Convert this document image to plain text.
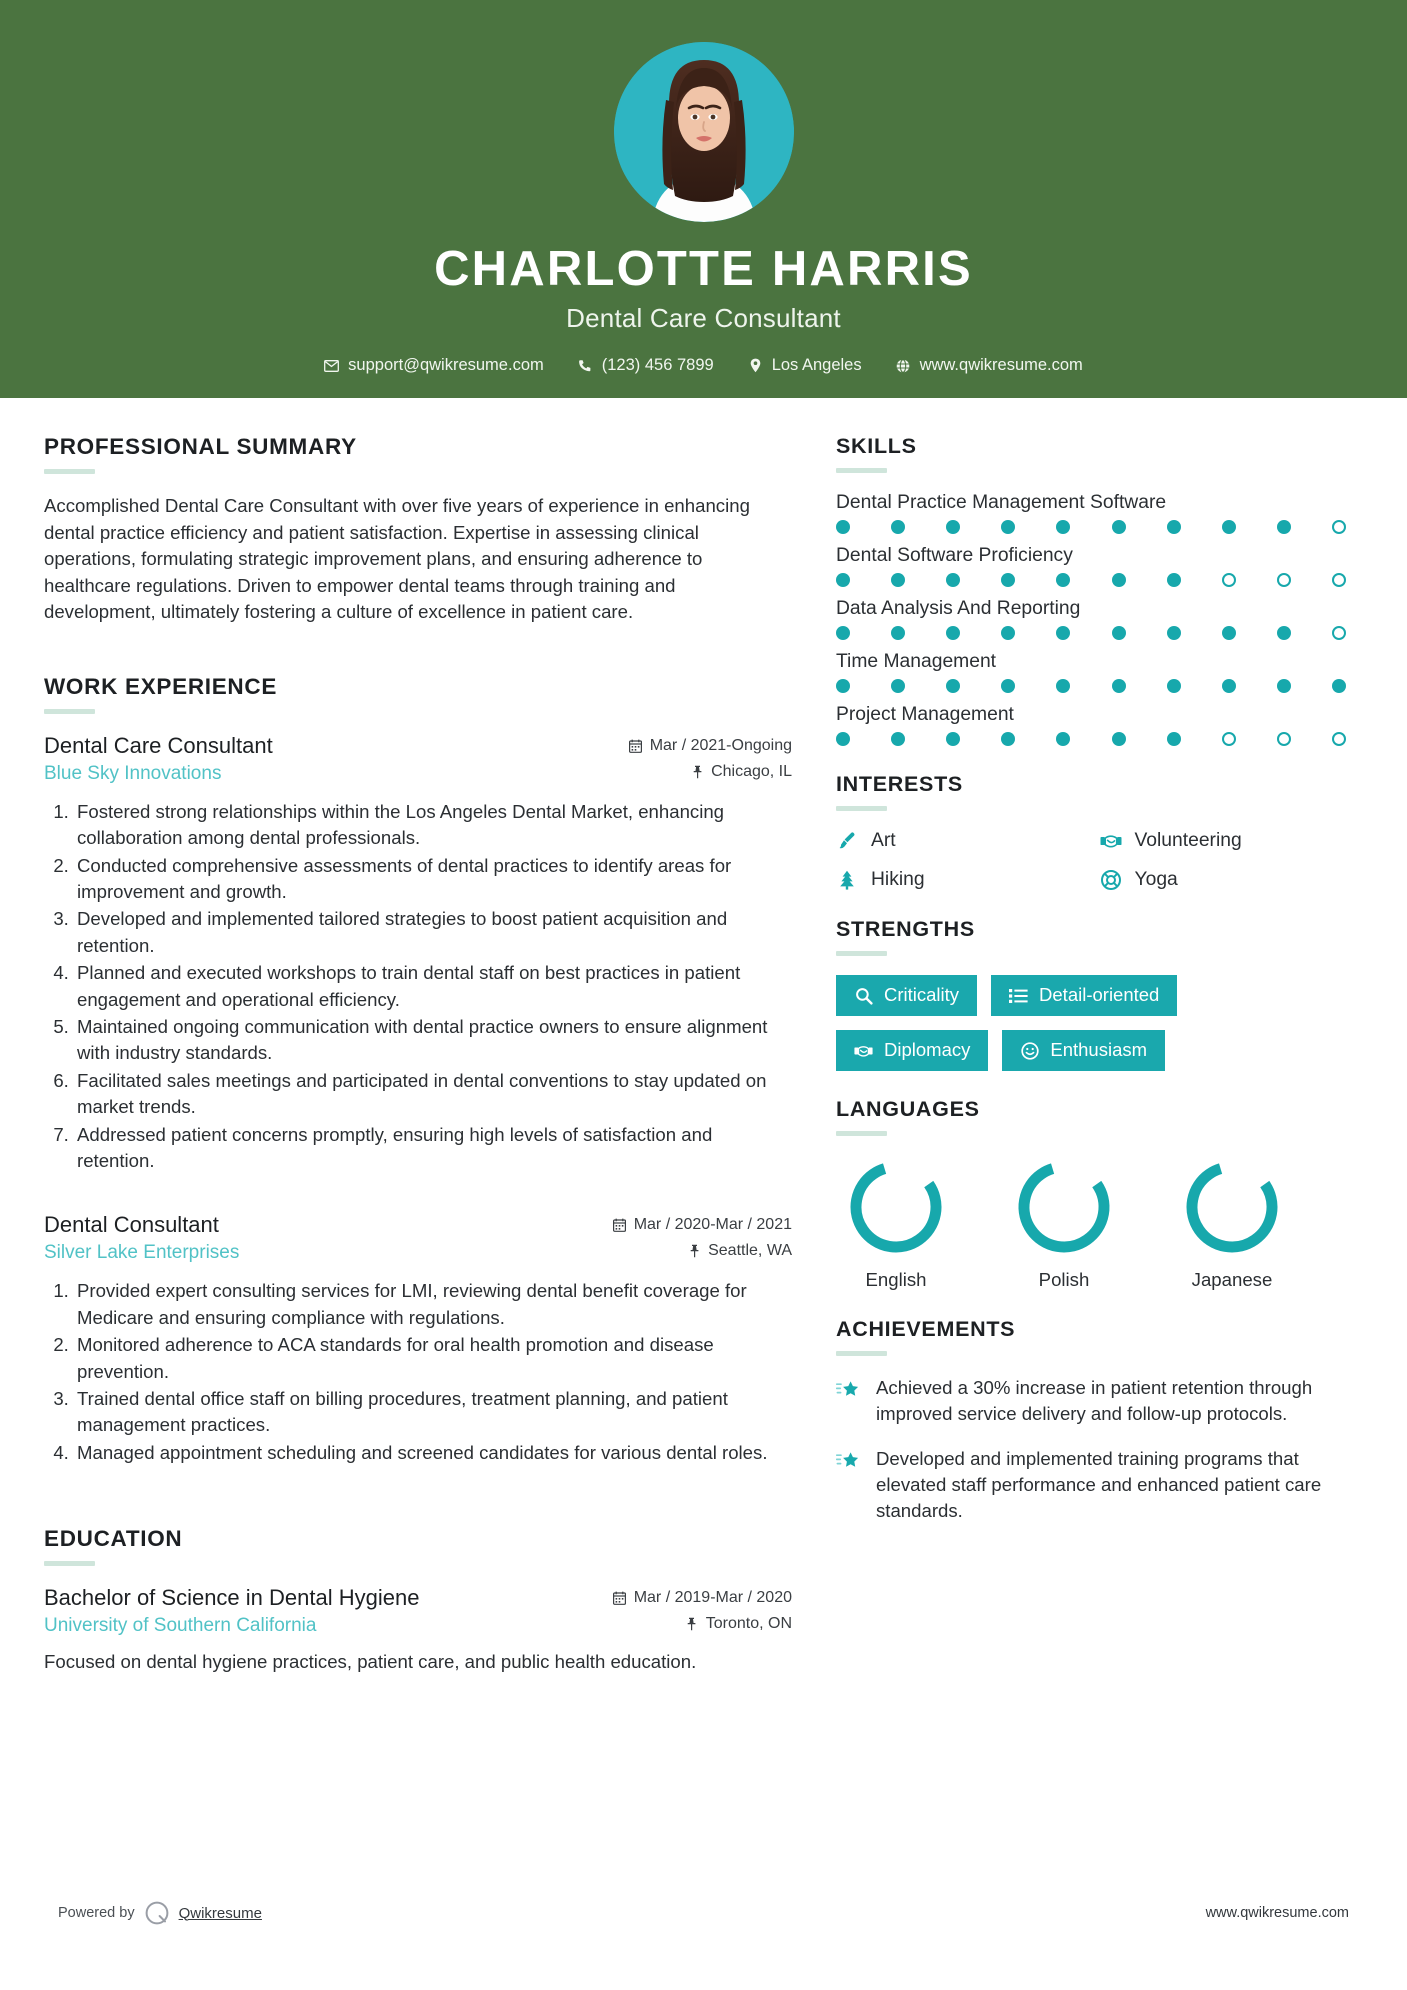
CHARLOTTE HARRIS
Dental Care Consultant
support@qwikresume.com	(123) 456 7899	Los Angeles	www.qwikresume.com
PROFESSIONAL SUMMARY
Accomplished Dental Care Consultant with over five years of experience in enhancing dental practice efficiency and patient satisfaction. Expertise in assessing clinical operations, formulating strategic improvement plans, and ensuring adherence to healthcare regulations. Driven to empower dental teams through training and development, ultimately fostering a culture of excellence in patient care.
WORK EXPERIENCE
Dental Care Consultant	Mar / 2021-Ongoing
Blue Sky Innovations	Chicago, IL
1. Fostered strong relationships within the Los Angeles Dental Market, enhancing collaboration among dental professionals.
2. Conducted comprehensive assessments of dental practices to identify areas for improvement and growth.
3. Developed and implemented tailored strategies to boost patient acquisition and retention.
4. Planned and executed workshops to train dental staff on best practices in patient engagement and operational efficiency.
5. Maintained ongoing communication with dental practice owners to ensure alignment with industry standards.
6. Facilitated sales meetings and participated in dental conventions to stay updated on market trends.
7. Addressed patient concerns promptly, ensuring high levels of satisfaction and retention.
Dental Consultant	Mar / 2020-Mar / 2021
Silver Lake Enterprises	Seattle, WA
1. Provided expert consulting services for LMI, reviewing dental benefit coverage for Medicare and ensuring compliance with regulations.
2. Monitored adherence to ACA standards for oral health promotion and disease prevention.
3. Trained dental office staff on billing procedures, treatment planning, and patient management practices.
4. Managed appointment scheduling and screened candidates for various dental roles.
EDUCATION
Bachelor of Science in Dental Hygiene	Mar / 2019-Mar / 2020
University of Southern California	Toronto, ON
Focused on dental hygiene practices, patient care, and public health education.
SKILLS
Dental Practice Management Software
Dental Software Proficiency
Data Analysis And Reporting
Time Management
Project Management
INTERESTS
Art	Volunteering
Hiking	Yoga
STRENGTHS
Criticality	Detail-oriented
Diplomacy	Enthusiasm
LANGUAGES
English	Polish	Japanese
ACHIEVEMENTS
Achieved a 30% increase in patient retention through improved service delivery and follow-up protocols.
Developed and implemented training programs that elevated staff performance and enhanced patient care standards.
Powered by	Qwikresume	www.qwikresume.com
